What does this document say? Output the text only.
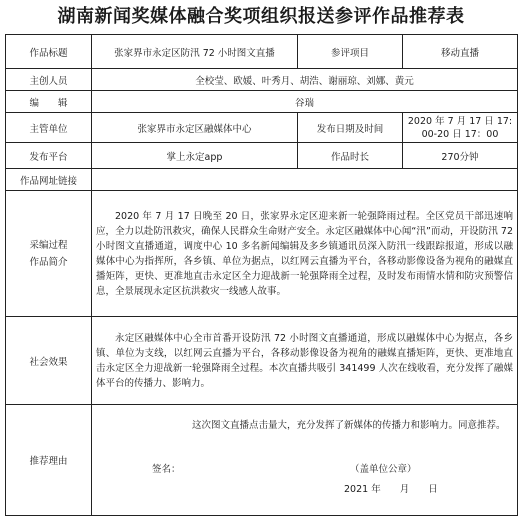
湖南新闻奖媒体融合奖项组织报送参评作品推荐表
作品标题	张家界市永定区防汛 72 小时图文直播	参评项目	移动直播
主创人员	全校莹、欧媛、叶秀月、胡浩、谢丽琼、刘娜、黄元		
编　　辑	谷瑞		
主管单位	张家界市永定区融媒体中心	发布日期及时间	2020 年 7 月 17 日 17:
00-20 日 17：00

发布平台	掌上永定app	作品时长	270分钟
作品网址链接			
采编过程
作品简介	2020 年 7 月 17 日晚至 20 日，张家界永定区迎来新一轮强降雨过程。全区党员干部迅速响应，全力以赴防汛救灾，确保人民群众生命财产安全。永定区融媒体中心闻“汛”而动，开设防汛 72 小时图文直播通道，调度中心 10 多名新闻编辑及多乡镇通讯员深入防汛一线跟踪报道，形成以融媒体中心为指挥所，各乡镇、单位为据点，以红网云直播为平台，各移动影像设备为视角的融媒直播矩阵，更快、更准地直击永定区全力迎战新一轮强降雨全过程，及时发布雨情水情和防灾预警信息，全景展现永定区抗洪救灾一线感人故事。		
社会效果	永定区融媒体中心全市首番开设防汛 72 小时图文直播通道，形成以融媒体中心为据点，各乡镇、单位为支线，以红网云直播为平台，各移动影像设备为视角的融媒直播矩阵，更快、更准地直击永定区全力迎战新一轮强降雨全过程。本次直播共吸引 341499 人次在线收看，充分发挥了融媒体平台的传播力、影响力。		
推荐理由	这次图文直播点击量大，充分发挥了新媒体的传播力和影响力。同意推荐。
签名： （盖单位公章）
2021 年　　月　　日		
